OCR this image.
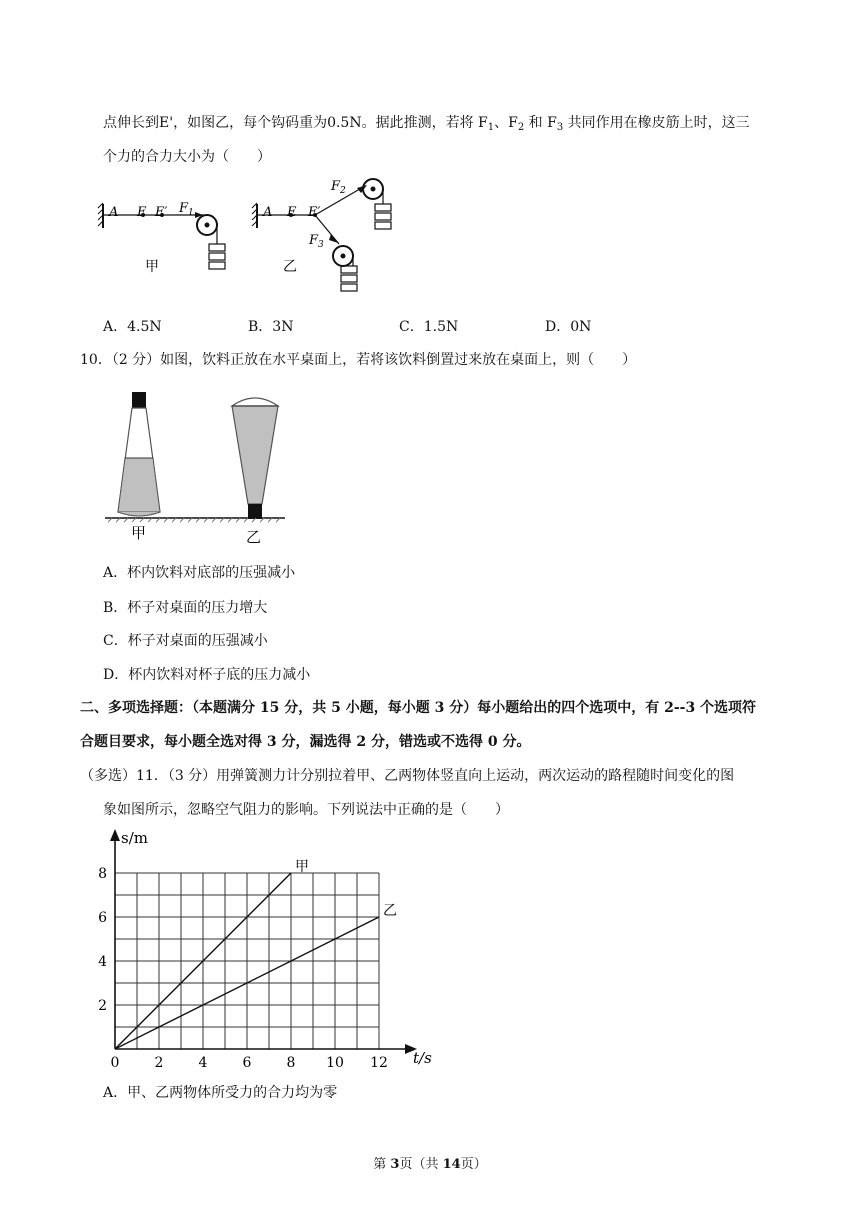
点伸长到E'，如图乙，每个钩码重为0.5N。据此推测，若将 $F_1$、$F_2$ 和 $F_3$ 共同作用在橡皮筋上时，这三
个力的合力大小为（　　）
A E E′ $F_1$
甲
A E E′
$F_2$
$F_3$
乙
A．4.5N	B．3N	C．1.5N	D．0N
10．（2 分）如图，饮料正放在水平桌面上，若将该饮料倒置过来放在桌面上，则（　　）
甲	乙
A．杯内饮料对底部的压强减小
B．杯子对桌面的压力增大
C．杯子对桌面的压强减小
D．杯内饮料对杯子底的压力减小
二、多项选择题：（本题满分 15 分，共 5 小题，每小题 3 分）每小题给出的四个选项中，有 2--3 个选项符
合题目要求，每小题全选对得 3 分，漏选得 2 分，错选或不选得 0 分。
（多选）11．（3 分）用弹簧测力计分别拉着甲、乙两物体竖直向上运动，两次运动的路程随时间变化的图
象如图所示，忽略空气阻力的影响。下列说法中正确的是（　　）
s/m
t/s
0	2	4	6	8 10 12
2
4
6
8	甲
乙
A．甲、乙两物体所受力的合力均为零
第 3页（共 14页）
